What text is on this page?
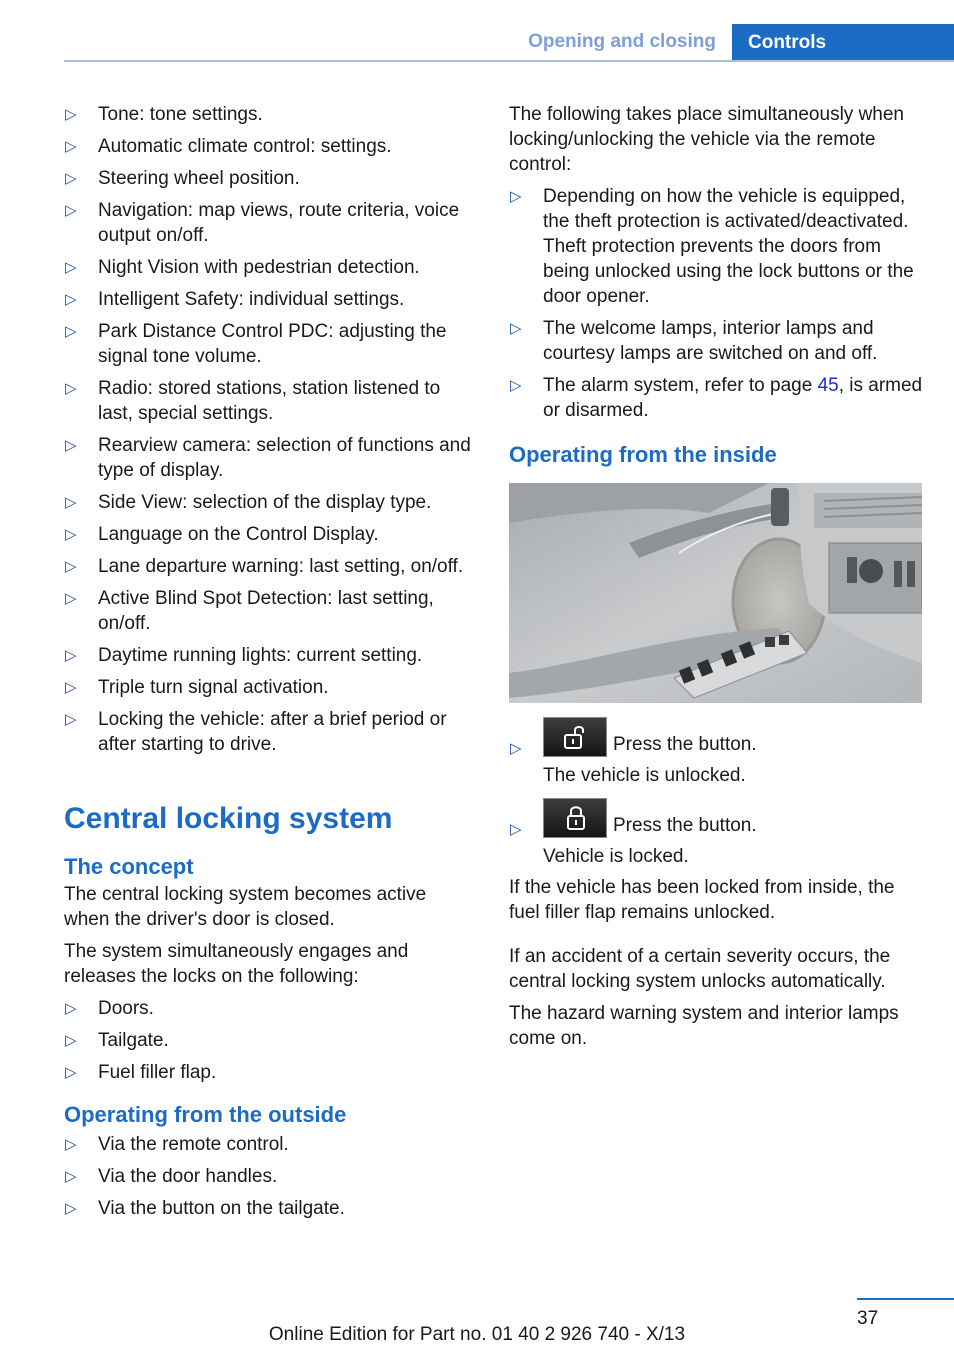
Opening and closing	Controls
▷ Tone: tone settings.
▷ Automatic climate control: settings.
▷ Steering wheel position.
▷ Navigation: map views, route criteria, voice output on/off.
▷ Night Vision with pedestrian detection.
▷ Intelligent Safety: individual settings.
▷ Park Distance Control PDC: adjusting the signal tone volume.
▷ Radio: stored stations, station listened to last, special settings.
▷ Rearview camera: selection of functions and type of display.
▷ Side View: selection of the display type.
▷ Language on the Control Display.
▷ Lane departure warning: last setting, on/off.
▷ Active Blind Spot Detection: last setting, on/off.
▷ Daytime running lights: current setting.
▷ Triple turn signal activation.
▷ Locking the vehicle: after a brief period or after starting to drive.
Central locking system
The concept

The central locking system becomes active when the driver's door is closed.

The system simultaneously engages and releases the locks on the following:

▷ Doors.
▷ Tailgate.
▷ Fuel filler flap.
Operating from the outside
▷ Via the remote control.
▷ Via the door handles.
▷ Via the button on the tailgate.

The following takes place simultaneously when locking/unlocking the vehicle via the remote control:

▷ Depending on how the vehicle is equipped, the theft protection is activated/deactivated. Theft protection prevents the doors from being unlocked using the lock buttons or the door opener.
▷ The welcome lamps, interior lamps and courtesy lamps are switched on and off.
▷ The alarm system, refer to page 45, is armed or disarmed.
Operating from the inside
▷	Press the button.
The vehicle is unlocked.
▷	Press the button.
Vehicle is locked.

If the vehicle has been locked from inside, the fuel filler flap remains unlocked.

If an accident of a certain severity occurs, the central locking system unlocks automatically.

The hazard warning system and interior lamps come on.

37
Online Edition for Part no. 01 40 2 926 740 - X/13
